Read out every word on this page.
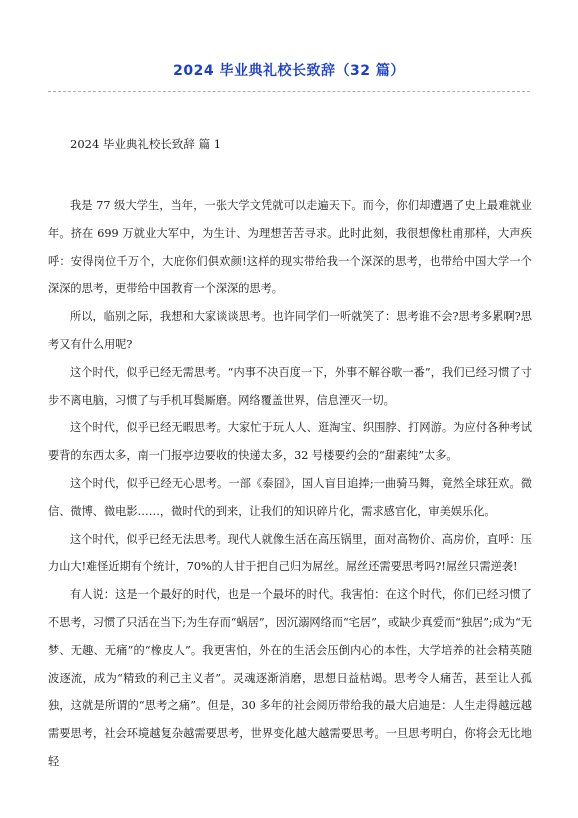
2024 毕业典礼校长致辞（32 篇）
2024 毕业典礼校长致辞 篇 1

我是 77 级大学生，当年，一张大学文凭就可以走遍天下。而今，你们却遭遇了史上最难就业年。挤在 699 万就业大军中，为生计、为理想苦苦寻求。此时此刻，我很想像杜甫那样，大声疾呼：安得岗位千万个，大庇你们俱欢颜!这样的现实带给我一个深深的思考，也带给中国大学一个深深的思考，更带给中国教育一个深深的思考。

所以，临别之际，我想和大家谈谈思考。也许同学们一听就笑了：思考谁不会?思考多累啊?思考又有什么用呢?

这个时代，似乎已经无需思考。“内事不决百度一下，外事不解谷歌一番”，我们已经习惯了寸步不离电脑，习惯了与手机耳鬓厮磨。网络覆盖世界，信息湮灭一切。

这个时代，似乎已经无暇思考。大家忙于玩人人、逛淘宝、织围脖、打网游。为应付各种考试要背的东西太多，南一门报亭边要收的快递太多，32 号楼要约会的“甜素纯”太多。

这个时代，似乎已经无心思考。一部《泰囧》，国人盲目追捧;一曲骑马舞，竟然全球狂欢。微信、微博、微电影……，微时代的到来，让我们的知识碎片化，需求感官化，审美娱乐化。

这个时代，似乎已经无法思考。现代人就像生活在高压锅里，面对高物价、高房价，直呼：压力山大!难怪近期有个统计，70%的人甘于把自己归为屌丝。屌丝还需要思考吗?!屌丝只需逆袭!

有人说：这是一个最好的时代，也是一个最坏的时代。我害怕：在这个时代，你们已经习惯了不思考，习惯了只活在当下;为生存而“蜗居”，因沉溺网络而“宅居”，或缺少真爱而“独居”;成为“无梦、无趣、无痛”的“橡皮人”。我更害怕，外在的生活会压倒内心的本性，大学培养的社会精英随波逐流，成为“精致的利己主义者”。灵魂逐渐消磨，思想日益枯竭。思考令人痛苦，甚至让人孤独，这就是所谓的“思考之痛”。但是，30 多年的社会阅历带给我的最大启迪是：人生走得越远越需要思考，社会环境越复杂越需要思考，世界变化越大越需要思考。一旦思考明白，你将会无比地轻
